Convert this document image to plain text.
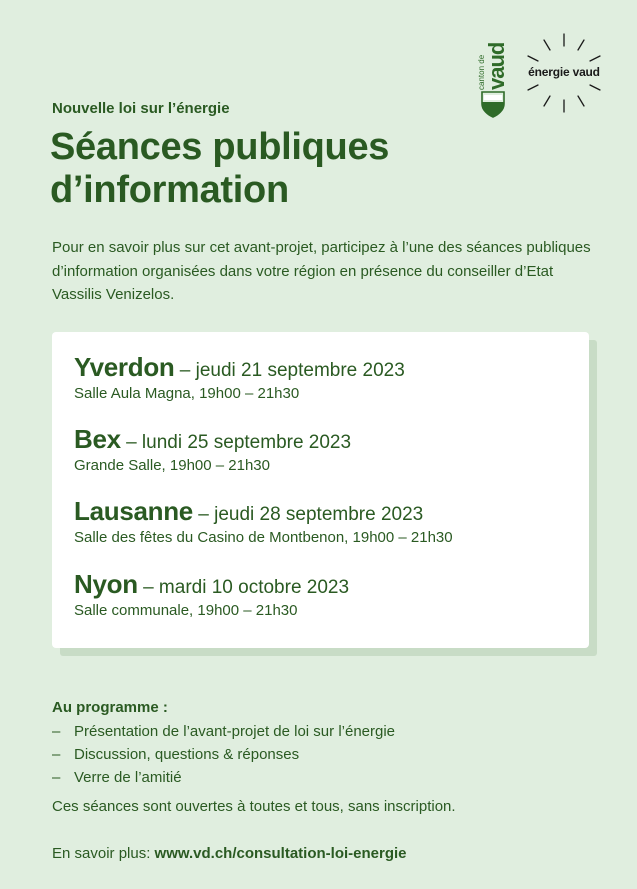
canton de
vaud	énergie vaud
Nouvelle loi sur l’énergie
Séances publiques
d’information

Pour en savoir plus sur cet avant-projet, participez à l’une des séances publiques d’information organisées dans votre région en présence du conseiller d’Etat Vassilis Venizelos.

Yverdon – jeudi 21 septembre 2023
Salle Aula Magna, 19h00 – 21h30
Bex – lundi 25 septembre 2023
Grande Salle, 19h00 – 21h30
Lausanne – jeudi 28 septembre 2023
Salle des fêtes du Casino de Montbenon, 19h00 – 21h30
Nyon – mardi 10 octobre 2023
Salle communale, 19h00 – 21h30
Au programme :
– Présentation de l’avant-projet de loi sur l’énergie
– Discussion, questions & réponses
– Verre de l’amitié
Ces séances sont ouvertes à toutes et tous, sans inscription.
En savoir plus: www.vd.ch/consultation-loi-energie
